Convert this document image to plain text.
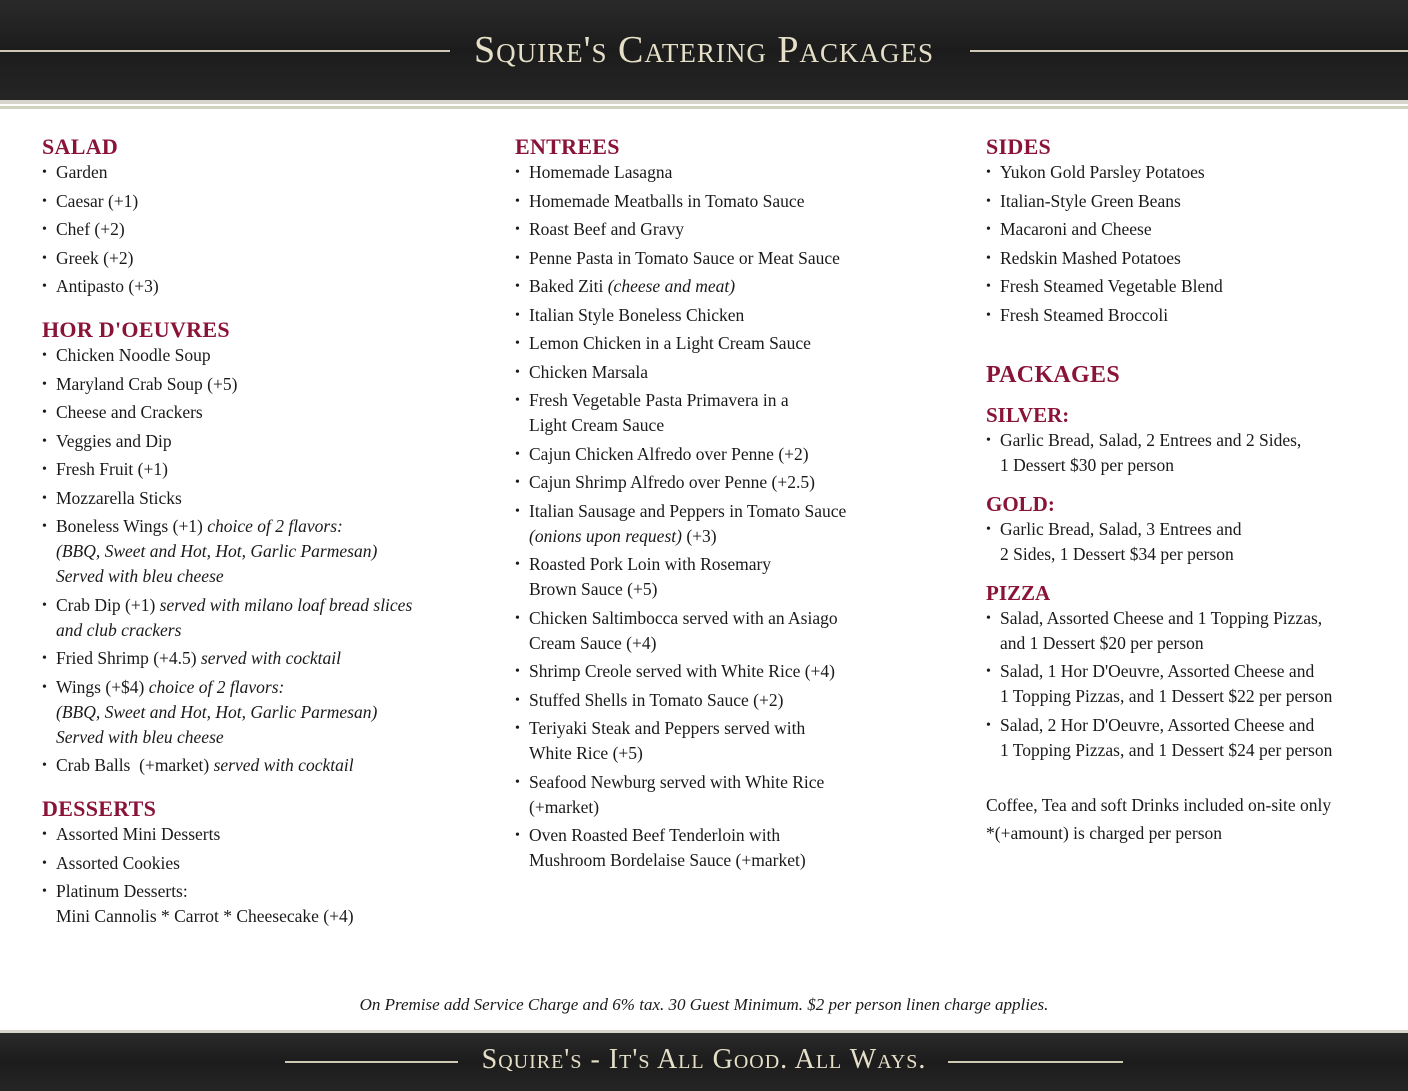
Squire's Catering Packages
SALAD
• Garden
• Caesar (+1)
• Chef (+2)
• Greek (+2)
• Antipasto (+3)
HOR D'OEUVRES
• Chicken Noodle Soup
• Maryland Crab Soup (+5)
• Cheese and Crackers
• Veggies and Dip
• Fresh Fruit (+1)
• Mozzarella Sticks
• Boneless Wings (+1) choice of 2 flavors:
(BBQ, Sweet and Hot, Hot, Garlic Parmesan)
Served with bleu cheese
• Crab Dip (+1) served with milano loaf bread slices
and club crackers
• Fried Shrimp (+4.5) served with cocktail
• Wings (+$4) choice of 2 flavors:
(BBQ, Sweet and Hot, Hot, Garlic Parmesan)
Served with bleu cheese
• Crab Balls  (+market) served with cocktail
DESSERTS
• Assorted Mini Desserts
• Assorted Cookies
• Platinum Desserts:
Mini Cannolis * Carrot * Cheesecake (+4)
ENTREES
• Homemade Lasagna
• Homemade Meatballs in Tomato Sauce
• Roast Beef and Gravy
• Penne Pasta in Tomato Sauce or Meat Sauce
• Baked Ziti (cheese and meat)
• Italian Style Boneless Chicken
• Lemon Chicken in a Light Cream Sauce
• Chicken Marsala
• Fresh Vegetable Pasta Primavera in a
Light Cream Sauce
• Cajun Chicken Alfredo over Penne (+2)
• Cajun Shrimp Alfredo over Penne (+2.5)
• Italian Sausage and Peppers in Tomato Sauce
(onions upon request) (+3)
• Roasted Pork Loin with Rosemary
Brown Sauce (+5)
• Chicken Saltimbocca served with an Asiago
Cream Sauce (+4)
• Shrimp Creole served with White Rice (+4)
• Stuffed Shells in Tomato Sauce (+2)
• Teriyaki Steak and Peppers served with
White Rice (+5)
• Seafood Newburg served with White Rice
(+market)
• Oven Roasted Beef Tenderloin with
Mushroom Bordelaise Sauce (+market)
SIDES
• Yukon Gold Parsley Potatoes
• Italian-Style Green Beans
• Macaroni and Cheese
• Redskin Mashed Potatoes
• Fresh Steamed Vegetable Blend
• Fresh Steamed Broccoli
PACKAGES
SILVER:
• Garlic Bread, Salad, 2 Entrees and 2 Sides,
1 Dessert $30 per person
GOLD:
• Garlic Bread, Salad, 3 Entrees and
2 Sides, 1 Dessert $34 per person
PIZZA
• Salad, Assorted Cheese and 1 Topping Pizzas,
and 1 Dessert $20 per person
• Salad, 1 Hor D'Oeuvre, Assorted Cheese and
1 Topping Pizzas, and 1 Dessert $22 per person
• Salad, 2 Hor D'Oeuvre, Assorted Cheese and
1 Topping Pizzas, and 1 Dessert $24 per person
Coffee, Tea and soft Drinks included on-site only
*(+amount) is charged per person
On Premise add Service Charge and 6% tax. 30 Guest Minimum. $2 per person linen charge applies.
Squire's - It's All Good. All Ways.
